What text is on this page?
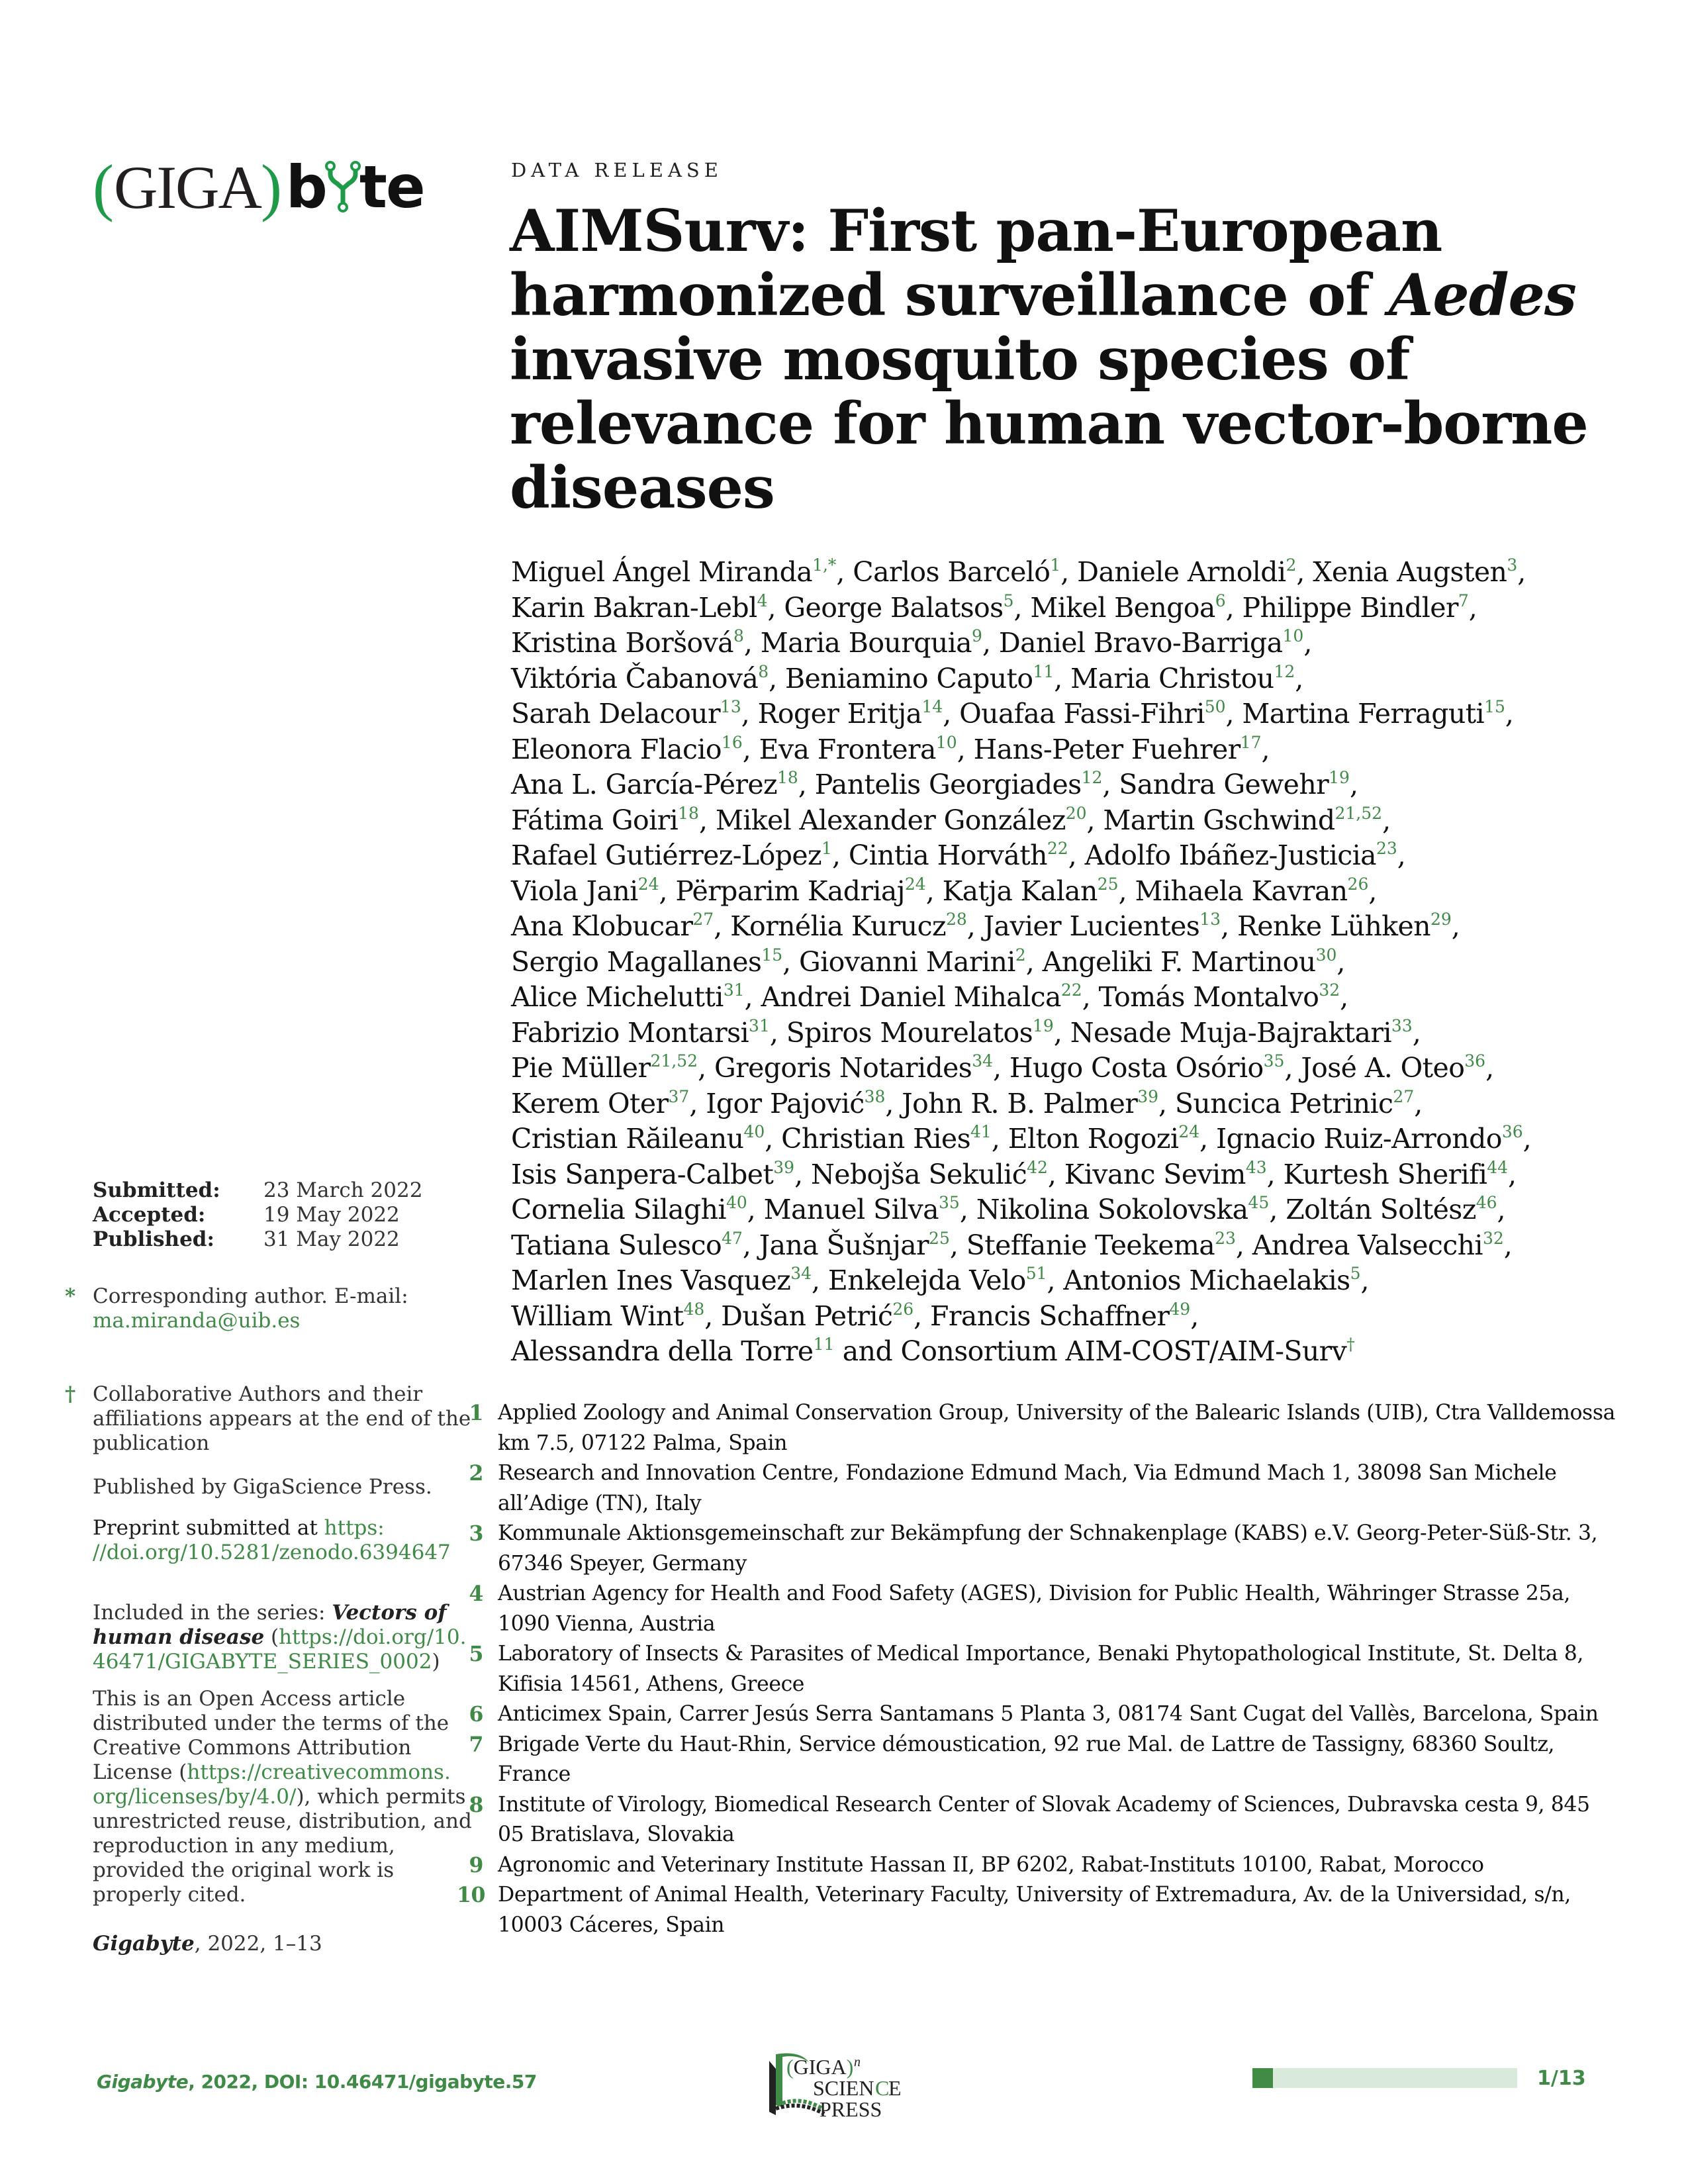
( GIGA ) b te	DATA RELEASE
AIMSurv: First pan-European
harmonized surveillance of Aedes
invasive mosquito species of
relevance for human vector-borne
diseases
Miguel Ángel Miranda$^{1,*}$, Carlos Barceló$^1$, Daniele Arnoldi$^2$, Xenia Augsten$^3$,
Karin Bakran-Lebl$^4$, George Balatsos$^5$, Mikel Bengoa$^6$, Philippe Bindler$^7$,
Kristina Boršová$^8$, Maria Bourquia$^9$, Daniel Bravo-Barriga$^{10}$,
Viktória Čabanová$^8$, Beniamino Caputo$^{11}$, Maria Christou$^{12}$,
Sarah Delacour$^{13}$, Roger Eritja$^{14}$, Ouafaa Fassi-Fihri$^{50}$, Martina Ferraguti$^{15}$,
Eleonora Flacio$^{16}$, Eva Frontera$^{10}$, Hans-Peter Fuehrer$^{17}$,
Ana L. García-Pérez$^{18}$, Pantelis Georgiades$^{12}$, Sandra Gewehr$^{19}$,
Fátima Goiri$^{18}$, Mikel Alexander González$^{20}$, Martin Gschwind$^{21,52}$,
Rafael Gutiérrez-López$^1$, Cintia Horváth$^{22}$, Adolfo Ibáñez-Justicia$^{23}$,
Viola Jani$^{24}$, Përparim Kadriaj$^{24}$, Katja Kalan$^{25}$, Mihaela Kavran$^{26}$,
Ana Klobucar$^{27}$, Kornélia Kurucz$^{28}$, Javier Lucientes$^{13}$, Renke Lühken$^{29}$,
Sergio Magallanes$^{15}$, Giovanni Marini$^2$, Angeliki F. Martinou$^{30}$,
Alice Michelutti$^{31}$, Andrei Daniel Mihalca$^{22}$, Tomás Montalvo$^{32}$,
Fabrizio Montarsi$^{31}$, Spiros Mourelatos$^{19}$, Nesade Muja-Bajraktari$^{33}$,
Pie Müller$^{21,52}$, Gregoris Notarides$^{34}$, Hugo Costa Osório$^{35}$, José A. Oteo$^{36}$,
Kerem Oter$^{37}$, Igor Pajović$^{38}$, John R. B. Palmer$^{39}$, Suncica Petrinic$^{27}$,
Cristian Răileanu$^{40}$, Christian Ries$^{41}$, Elton Rogozi$^{24}$, Ignacio Ruiz-Arrondo$^{36}$,
Isis Sanpera-Calbet$^{39}$, Nebojša Sekulić$^{42}$, Kivanc Sevim$^{43}$, Kurtesh Sherifi$^{44}$,
Cornelia Silaghi$^{40}$, Manuel Silva$^{35}$, Nikolina Sokolovska$^{45}$, Zoltán Soltész$^{46}$,
Tatiana Sulesco$^{47}$, Jana Šušnjar$^{25}$, Steffanie Teekema$^{23}$, Andrea Valsecchi$^{32}$,
Marlen Ines Vasquez$^{34}$, Enkelejda Velo$^{51}$, Antonios Michaelakis$^5$,
William Wint$^{48}$, Dušan Petrić$^{26}$, Francis Schaffner$^{49}$,
Alessandra della Torre$^{11}$ and Consortium AIM-COST/AIM-Surv†
1 Applied Zoology and Animal Conservation Group, University of the Balearic Islands (UIB), Ctra Valldemossa km 7.5, 07122 Palma, Spain
2 Research and Innovation Centre, Fondazione Edmund Mach, Via Edmund Mach 1, 38098 San Michele all’Adige (TN), Italy
3 Kommunale Aktionsgemeinschaft zur Bekämpfung der Schnakenplage (KABS) e.V. Georg-Peter-Süß-Str. 3, 67346 Speyer, Germany
4 Austrian Agency for Health and Food Safety (AGES), Division for Public Health, Währinger Strasse 25a, 1090 Vienna, Austria
5 Laboratory of Insects & Parasites of Medical Importance, Benaki Phytopathological Institute, St. Delta 8, Kifisia 14561, Athens, Greece
6 Anticimex Spain, Carrer Jesús Serra Santamans 5 Planta 3, 08174 Sant Cugat del Vallès, Barcelona, Spain
7 Brigade Verte du Haut-Rhin, Service démoustication, 92 rue Mal. de Lattre de Tassigny, 68360 Soultz, France
8 Institute of Virology, Biomedical Research Center of Slovak Academy of Sciences, Dubravska cesta 9, 845 05 Bratislava, Slovakia
9 Agronomic and Veterinary Institute Hassan II, BP 6202, Rabat-Instituts 10100, Rabat, Morocco
10 Department of Animal Health, Veterinary Faculty, University of Extremadura, Av. de la Universidad, s/n, 10003 Cáceres, Spain
Submitted:	23 March 2022
Accepted:	19 May 2022
Published:	31 May 2022
* Corresponding author. E-mail:
ma.miranda@uib.es
† Collaborative Authors and their affiliations appears at the end of the publication
Published by GigaScience Press.
Preprint submitted at https:
//doi.org/10.5281/zenodo.6394647
Included in the series: Vectors of
human disease (https://doi.org/10.
46471/GIGABYTE_SERIES_0002)
This is an Open Access article
distributed under the terms of the
Creative Commons Attribution
License (https://creativecommons.
org/licenses/by/4.0/), which permits
unrestricted reuse, distribution, and
reproduction in any medium,
provided the original work is
properly cited.
Gigabyte, 2022, 1–13
Gigabyte, 2022, DOI: 10.46471/gigabyte.57
(GIGA) n
SCIEN C
E
PRESS
1/13
